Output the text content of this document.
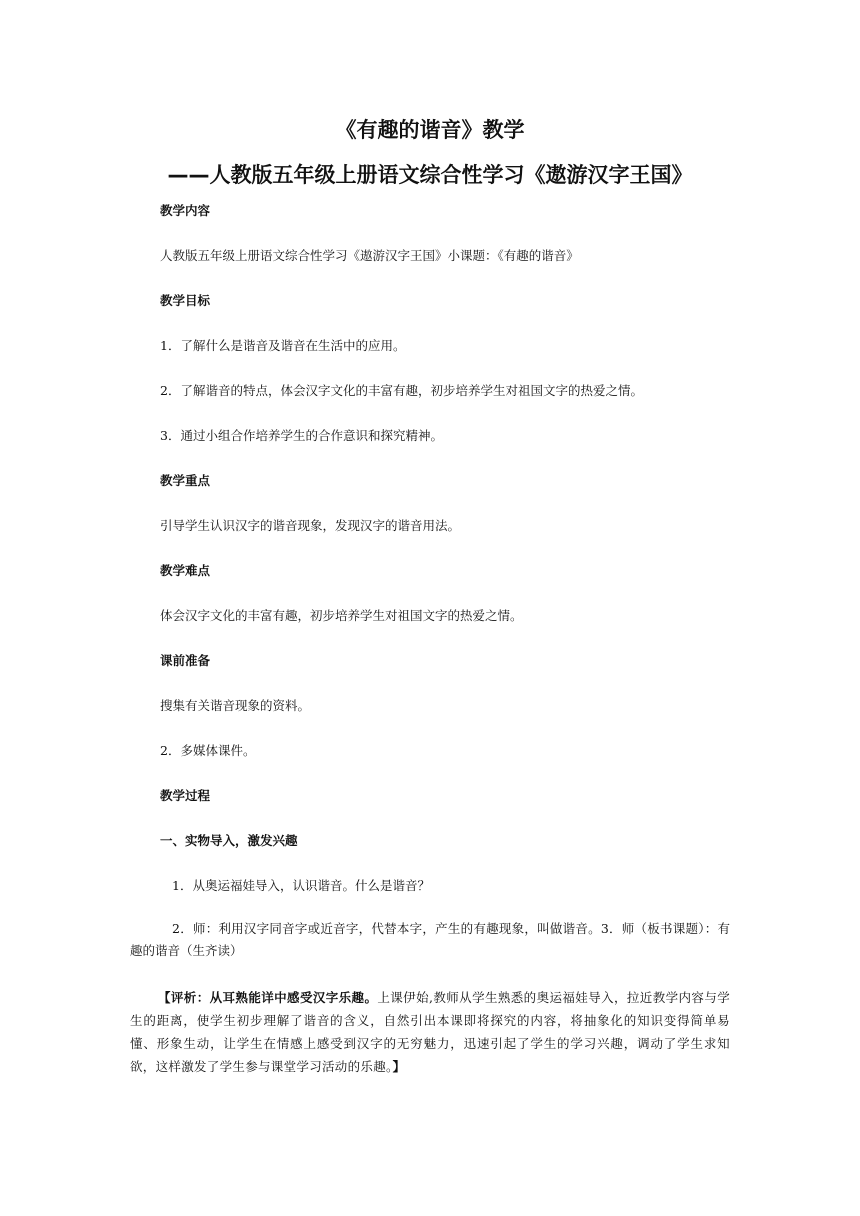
《有趣的谐音》教学
——人教版五年级上册语文综合性学习《遨游汉字王国》
教学内容
人教版五年级上册语文综合性学习《遨游汉字王国》小课题：《有趣的谐音》
教学目标
1．了解什么是谐音及谐音在生活中的应用。
2．了解谐音的特点，体会汉字文化的丰富有趣，初步培养学生对祖国文字的热爱之情。
3．通过小组合作培养学生的合作意识和探究精神。
教学重点
引导学生认识汉字的谐音现象，发现汉字的谐音用法。
教学难点
体会汉字文化的丰富有趣，初步培养学生对祖国文字的热爱之情。
课前准备
搜集有关谐音现象的资料。
2．多媒体课件。
教学过程
一、实物导入，激发兴趣
1．从奥运福娃导入，认识谐音。什么是谐音？
2．师：利用汉字同音字或近音字，代替本字，产生的有趣现象，叫做谐音。3．师（板书课题）：有趣的谐音（生齐读）
【评析：从耳熟能详中感受汉字乐趣。上课伊始,教师从学生熟悉的奥运福娃导入，拉近教学内容与学生的距离，使学生初步理解了谐音的含义，自然引出本课即将探究的内容，将抽象化的知识变得简单易懂、形象生动，让学生在情感上感受到汉字的无穷魅力，迅速引起了学生的学习兴趣，调动了学生求知欲，这样激发了学生参与课堂学习活动的乐趣。】
